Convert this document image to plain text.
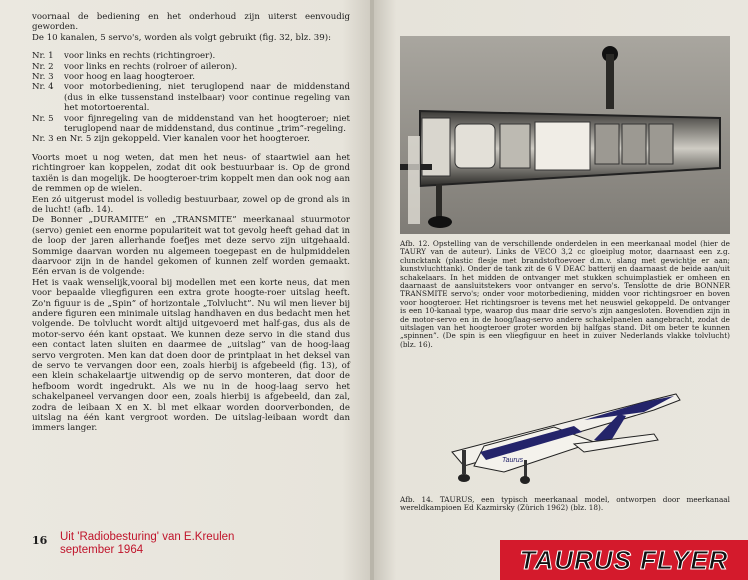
voornaal de bediening en het onderhoud zijn uiterst eenvoudig geworden.

De 10 kanalen, 5 servo's, worden als volgt gebruikt (fig. 32, blz. 39):

Nr. 1	voor links en rechts (richtingroer).
Nr. 2	voor links en rechts (rolroer of aileron).
Nr. 3	voor hoog en laag hoogteroer.
Nr. 4	voor motorbediening, niet teruglopend naar de middenstand (dus in elke tussenstand instelbaar) voor continue regeling van het motortoerental.
Nr. 5	voor fijnregeling van de middenstand van het hoogteroer; niet teruglopend naar de middenstand, dus continue „trim”-regeling.

Nr. 3 en Nr. 5 zijn gekoppeld. Vier kanalen voor het hoogteroer.

Voorts moet u nog weten, dat men het neus- of staartwiel aan het richtingroer kan koppelen, zodat dit ook bestuurbaar is. Op de grond taxiën is dan mogelijk. De hoogteroer-trim koppelt men dan ook nog aan de remmen op de wielen.

Een zó uitgerust model is volledig bestuurbaar, zowel op de grond als in de lucht! (afb. 14).

De Bonner „DURAMITE” en „TRANSMITE” meerkanaal stuurmotor (servo) geniet een enorme populariteit wat tot gevolg heeft gehad dat in de loop der jaren allerhande foefjes met deze servo zijn uitgehaald. Sommige daarvan worden nu algemeen toegepast en de hulpmiddelen daarvoor zijn in de handel gekomen of kunnen zelf worden gemaakt. Eén ervan is de volgende:

Het is vaak wenselijk,vooral bij modellen met een korte neus, dat men voor bepaalde vliegfiguren een extra grote hoogte-roer uitslag heeft. Zo'n figuur is de „Spin” of horizontale „Tolvlucht”. Nu wil men liever bij andere figuren een minimale uitslag handhaven en dus bedacht men het volgende. De tolvlucht wordt altijd uitgevoerd met half-gas, dus als de motor-servo één kant opstaat. We kunnen deze servo in die stand dus een contact laten sluiten en daarmee de „uitslag” van de hoog-laag servo vergroten. Men kan dat doen door de printplaat in het deksel van de servo te vervangen door een, zoals hierbij is afgebeeld (fig. 13), of een klein schakelaartje uitwendig op de servo monteren, dat door de hefboom wordt ingedrukt. Als we nu in de hoog-laag servo het schakelpaneel vervangen door een, zoals hierbij is afgebeeld, dan zal, zodra de leibaan X en X. bl met elkaar worden doorverbonden, de uitslag na één kant vergroot worden. De uitslag-leibaan wordt dan immers langer.

16 Uit 'Radiobesturing' van E.Kreulen
september 1964
Afb. 12. Opstelling van de verschillende onderdelen in een meerkanaal model (hier de TAURY van de auteur). Links de VECO 3,2 cc gloeiplug motor, daarnaast een z.g. cluncktank (plastic flesje met brandstoftoevoer d.m.v. slang met gewichtje er aan; kunstvluchttank). Onder de tank zit de 6 V DEAC batterij en daarnaast de beide aan/uit schakelaars. In het midden de ontvanger met stukken schuimplastiek er omheen en daarnaast de aansluitstekers voor ontvanger en servo's. Tenslotte de drie BONNER TRANSMITE servo's; onder voor motorbediening, midden voor richtingsroer en boven voor hoogteroer. Het richtingsroer is tevens met het neuswiel gekoppeld. De ontvanger is een 10-kanaal type, waarop dus maar drie servo's zijn aangesloten. Bovendien zijn in de motor-servo en in de hoog/laag-servo andere schakelpanelen aangebracht, zodat de uitslagen van het hoogteroer groter worden bij halfgas stand. Dit om beter te kunnen „spinnen”. (De spin is een vliegfiguur en heet in zuiver Nederlands vlakke tolvlucht) (blz. 16).
Taurus
Afb. 14. TAURUS, een typisch meerkanaal model, ontworpen door meerkanaal wereldkampioen Ed Kazmirsky (Zürich 1962) (blz. 18).
TAURUS FLYER
